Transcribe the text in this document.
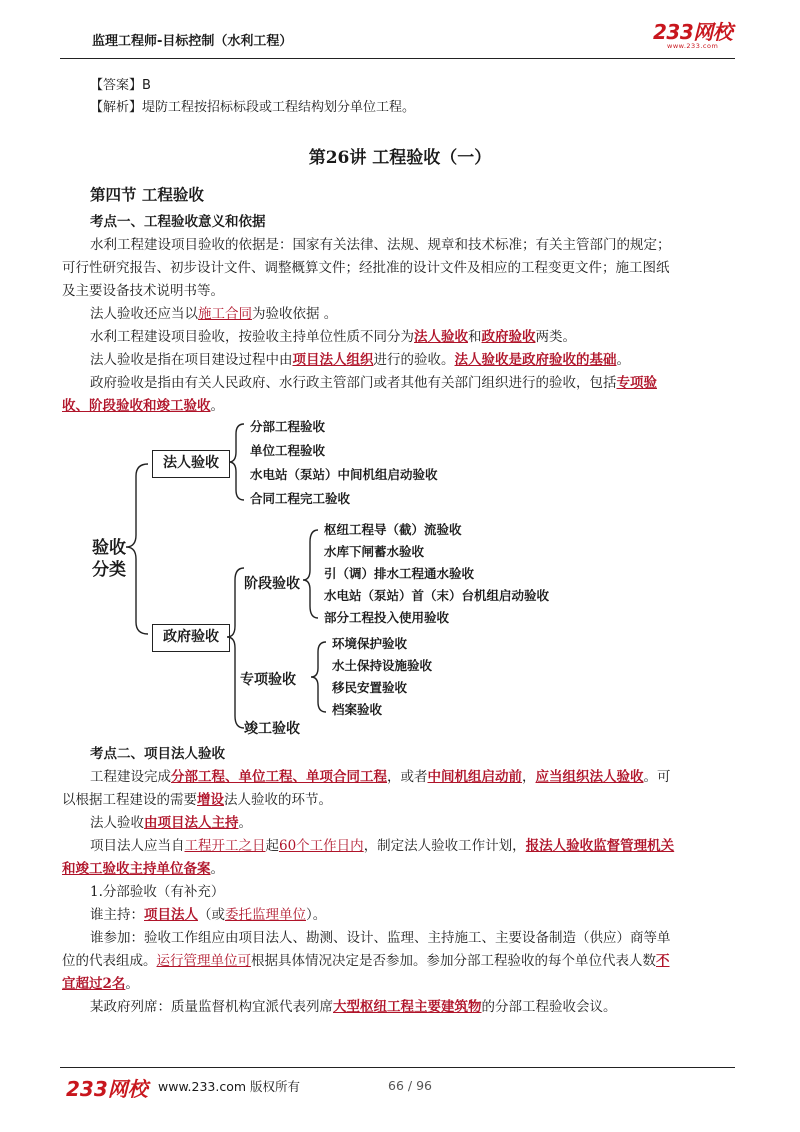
监理工程师-目标控制（水利工程）	233网校
www.233.com
【答案】B
【解析】堤防工程按招标标段或工程结构划分单位工程。
第26讲 工程验收（一）
第四节 工程验收
考点一、工程验收意义和依据
水利工程建设项目验收的依据是：国家有关法律、法规、规章和技术标准；有关主管部门的规定；
可行性研究报告、初步设计文件、调整概算文件；经批准的设计文件及相应的工程变更文件；施工图纸
及主要设备技术说明书等。
法人验收还应当以施工合同为验收依据 。
水利工程建设项目验收，按验收主持单位性质不同分为法人验收和政府验收两类。
法人验收是指在项目建设过程中由项目法人组织进行的验收。法人验收是政府验收的基础。
政府验收是指由有关人民政府、水行政主管部门或者其他有关部门组织进行的验收，包括专项验
收、阶段验收和竣工验收。
验收
分类
法人验收
政府验收
分部工程验收
单位工程验收
水电站（泵站）中间机组启动验收
合同工程完工验收
阶段验收
枢纽工程导（截）流验收
水库下闸蓄水验收
引（调）排水工程通水验收
水电站（泵站）首（末）台机组启动验收
部分工程投入使用验收
专项验收
环境保护验收
水土保持设施验收
移民安置验收
档案验收
竣工验收
考点二、项目法人验收
工程建设完成分部工程、单位工程、单项合同工程，或者中间机组启动前，应当组织法人验收。可
以根据工程建设的需要增设法人验收的环节。
法人验收由项目法人主持。
项目法人应当自工程开工之日起60个工作日内，制定法人验收工作计划，报法人验收监督管理机关
和竣工验收主持单位备案。
1.分部验收（有补充）
谁主持：项目法人（或委托监理单位）。
谁参加：验收工作组应由项目法人、勘测、设计、监理、主持施工、主要设备制造（供应）商等单
位的代表组成。运行管理单位可根据具体情况决定是否参加。参加分部工程验收的每个单位代表人数不
宜超过2名。
某政府列席：质量监督机构宜派代表列席大型枢纽工程主要建筑物的分部工程验收会议。
233网校 www.233.com 版权所有	66 / 96
